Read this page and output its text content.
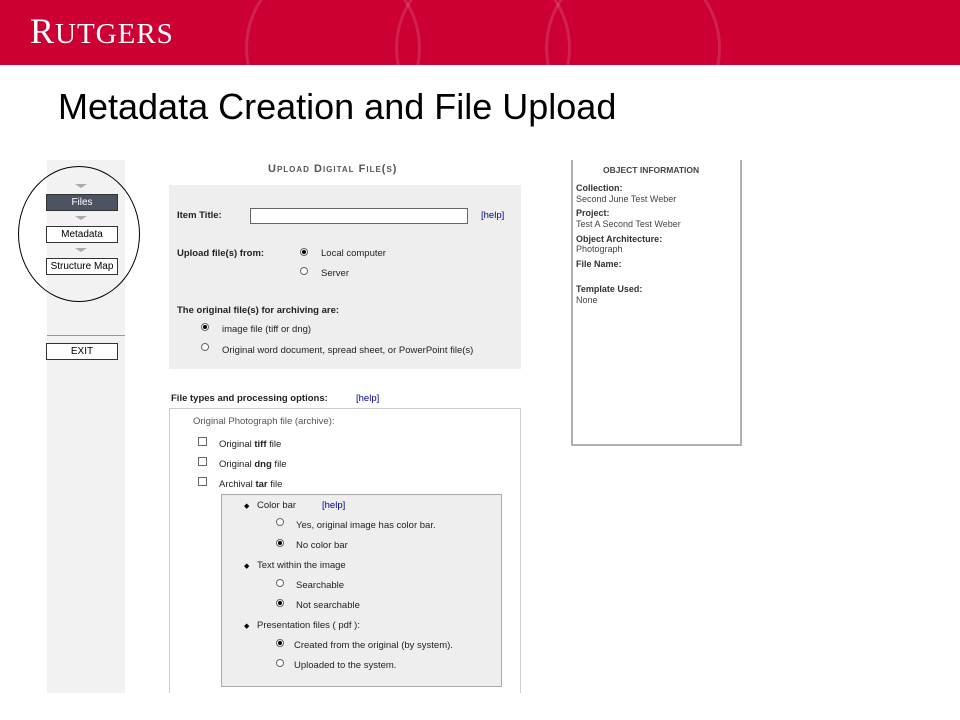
RUTGERS
Metadata Creation and File Upload
Files
Metadata
Structure Map
EXIT
Upload Digital File(s)
Item Title:	[help]
Upload file(s) from:	Local computer
Server
The original file(s) for archiving are:
image file (tiff or dng)
Original word document, spread sheet, or PowerPoint file(s)
File types and processing options:	[help]
Original Photograph file (archive):
Original tiff file
Original dng file
Archival tar file
◆ Color bar	[help]
Yes, original image has color bar.
No color bar
◆ Text within the image
Searchable
Not searchable
◆ Presentation files ( pdf ):
Created from the original (by system).
Uploaded to the system.
OBJECT INFORMATION
Collection:
Second June Test Weber
Project:
Test A Second Test Weber
Object Architecture:
Photograph
File Name:
Template Used:
None
